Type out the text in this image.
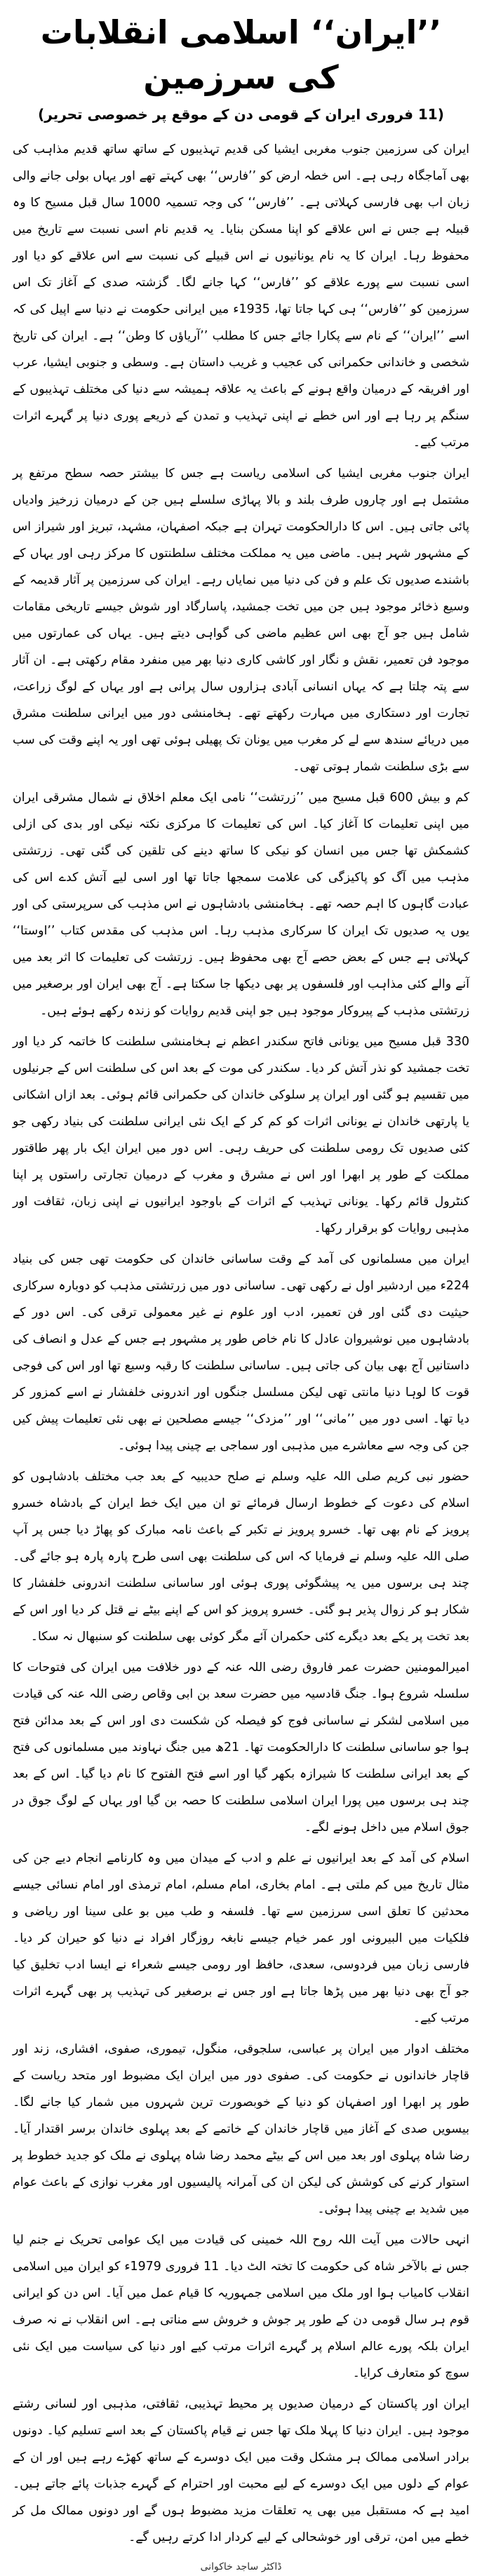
’’ایران‘‘ اسلامی انقلابات کی سرزمین
(11 فروری ایران کے قومی دن کے موقع پر خصوصی تحریر)

ایران کی سرزمین جنوب مغربی ایشیا کی قدیم تہذیبوں کے ساتھ ساتھ قدیم مذاہب کی بھی آماجگاہ رہی ہے۔ اس خطہ ارض کو ’’فارس‘‘ بھی کہتے تھے اور یہاں بولی جانے والی زبان اب بھی فارسی کہلاتی ہے۔ ’’فارس‘‘ کی وجہ تسمیہ 1000 سال قبل مسیح کا وہ قبیلہ ہے جس نے اس علاقے کو اپنا مسکن بنایا۔ یہ قدیم نام اسی نسبت سے تاریخ میں محفوظ رہا۔ ایران کا یہ نام یونانیوں نے اس قبیلے کی نسبت سے اس علاقے کو دیا اور اسی نسبت سے پورے علاقے کو ’’فارس‘‘ کہا جانے لگا۔ گزشتہ صدی کے آغاز تک اس سرزمین کو ’’فارس‘‘ ہی کہا جاتا تھا، 1935ء میں ایرانی حکومت نے دنیا سے اپیل کی کہ اسے ’’ایران‘‘ کے نام سے پکارا جائے جس کا مطلب ’’آریاؤں کا وطن‘‘ ہے۔ ایران کی تاریخ شخصی و خاندانی حکمرانی کی عجیب و غریب داستان ہے۔ وسطی و جنوبی ایشیا، عرب اور افریقہ کے درمیان واقع ہونے کے باعث یہ علاقہ ہمیشہ سے دنیا کی مختلف تہذیبوں کے سنگم پر رہا ہے اور اس خطے نے اپنی تہذیب و تمدن کے ذریعے پوری دنیا پر گہرے اثرات مرتب کیے۔

ایران جنوب مغربی ایشیا کی اسلامی ریاست ہے جس کا بیشتر حصہ سطح مرتفع پر مشتمل ہے اور چاروں طرف بلند و بالا پہاڑی سلسلے ہیں جن کے درمیان زرخیز وادیاں پائی جاتی ہیں۔ اس کا دارالحکومت تہران ہے جبکہ اصفہان، مشہد، تبریز اور شیراز اس کے مشہور شہر ہیں۔ ماضی میں یہ مملکت مختلف سلطنتوں کا مرکز رہی اور یہاں کے باشندے صدیوں تک علم و فن کی دنیا میں نمایاں رہے۔ ایران کی سرزمین پر آثار قدیمہ کے وسیع ذخائر موجود ہیں جن میں تخت جمشید، پاسارگاد اور شوش جیسے تاریخی مقامات شامل ہیں جو آج بھی اس عظیم ماضی کی گواہی دیتے ہیں۔ یہاں کی عمارتوں میں موجود فن تعمیر، نقش و نگار اور کاشی کاری دنیا بھر میں منفرد مقام رکھتی ہے۔ ان آثار سے پتہ چلتا ہے کہ یہاں انسانی آبادی ہزاروں سال پرانی ہے اور یہاں کے لوگ زراعت، تجارت اور دستکاری میں مہارت رکھتے تھے۔ ہخامنشی دور میں ایرانی سلطنت مشرق میں دریائے سندھ سے لے کر مغرب میں یونان تک پھیلی ہوئی تھی اور یہ اپنے وقت کی سب سے بڑی سلطنت شمار ہوتی تھی۔

کم و بیش 600 قبل مسیح میں ’’زرتشت‘‘ نامی ایک معلم اخلاق نے شمال مشرقی ایران میں اپنی تعلیمات کا آغاز کیا۔ اس کی تعلیمات کا مرکزی نکتہ نیکی اور بدی کی ازلی کشمکش تھا جس میں انسان کو نیکی کا ساتھ دینے کی تلقین کی گئی تھی۔ زرتشتی مذہب میں آگ کو پاکیزگی کی علامت سمجھا جاتا تھا اور اسی لیے آتش کدے اس کی عبادت گاہوں کا اہم حصہ تھے۔ ہخامنشی بادشاہوں نے اس مذہب کی سرپرستی کی اور یوں یہ صدیوں تک ایران کا سرکاری مذہب رہا۔ اس مذہب کی مقدس کتاب ’’اوستا‘‘ کہلاتی ہے جس کے بعض حصے آج بھی محفوظ ہیں۔ زرتشت کی تعلیمات کا اثر بعد میں آنے والے کئی مذاہب اور فلسفوں پر بھی دیکھا جا سکتا ہے۔ آج بھی ایران اور برصغیر میں زرتشتی مذہب کے پیروکار موجود ہیں جو اپنی قدیم روایات کو زندہ رکھے ہوئے ہیں۔

330 قبل مسیح میں یونانی فاتح سکندر اعظم نے ہخامنشی سلطنت کا خاتمہ کر دیا اور تخت جمشید کو نذر آتش کر دیا۔ سکندر کی موت کے بعد اس کی سلطنت اس کے جرنیلوں میں تقسیم ہو گئی اور ایران پر سلوکی خاندان کی حکمرانی قائم ہوئی۔ بعد ازاں اشکانی یا پارتھی خاندان نے یونانی اثرات کو کم کر کے ایک نئی ایرانی سلطنت کی بنیاد رکھی جو کئی صدیوں تک رومی سلطنت کی حریف رہی۔ اس دور میں ایران ایک بار پھر طاقتور مملکت کے طور پر ابھرا اور اس نے مشرق و مغرب کے درمیان تجارتی راستوں پر اپنا کنٹرول قائم رکھا۔ یونانی تہذیب کے اثرات کے باوجود ایرانیوں نے اپنی زبان، ثقافت اور مذہبی روایات کو برقرار رکھا۔

ایران میں مسلمانوں کی آمد کے وقت ساسانی خاندان کی حکومت تھی جس کی بنیاد 224ء میں اردشیر اول نے رکھی تھی۔ ساسانی دور میں زرتشتی مذہب کو دوبارہ سرکاری حیثیت دی گئی اور فن تعمیر، ادب اور علوم نے غیر معمولی ترقی کی۔ اس دور کے بادشاہوں میں نوشیروان عادل کا نام خاص طور پر مشہور ہے جس کے عدل و انصاف کی داستانیں آج بھی بیان کی جاتی ہیں۔ ساسانی سلطنت کا رقبہ وسیع تھا اور اس کی فوجی قوت کا لوہا دنیا مانتی تھی لیکن مسلسل جنگوں اور اندرونی خلفشار نے اسے کمزور کر دیا تھا۔ اسی دور میں ’’مانی‘‘ اور ’’مزدک‘‘ جیسے مصلحین نے بھی نئی تعلیمات پیش کیں جن کی وجہ سے معاشرے میں مذہبی اور سماجی بے چینی پیدا ہوئی۔

حضور نبی کریم صلی اللہ علیہ وسلم نے صلح حدیبیہ کے بعد جب مختلف بادشاہوں کو اسلام کی دعوت کے خطوط ارسال فرمائے تو ان میں ایک خط ایران کے بادشاہ خسرو پرویز کے نام بھی تھا۔ خسرو پرویز نے تکبر کے باعث نامہ مبارک کو پھاڑ دیا جس پر آپ صلی اللہ علیہ وسلم نے فرمایا کہ اس کی سلطنت بھی اسی طرح پارہ پارہ ہو جائے گی۔ چند ہی برسوں میں یہ پیشگوئی پوری ہوئی اور ساسانی سلطنت اندرونی خلفشار کا شکار ہو کر زوال پذیر ہو گئی۔ خسرو پرویز کو اس کے اپنے بیٹے نے قتل کر دیا اور اس کے بعد تخت پر یکے بعد دیگرے کئی حکمران آئے مگر کوئی بھی سلطنت کو سنبھال نہ سکا۔

امیرالمومنین حضرت عمر فاروق رضی اللہ عنہ کے دور خلافت میں ایران کی فتوحات کا سلسلہ شروع ہوا۔ جنگ قادسیہ میں حضرت سعد بن ابی وقاص رضی اللہ عنہ کی قیادت میں اسلامی لشکر نے ساسانی فوج کو فیصلہ کن شکست دی اور اس کے بعد مدائن فتح ہوا جو ساسانی سلطنت کا دارالحکومت تھا۔ 21ھ میں جنگ نہاوند میں مسلمانوں کی فتح کے بعد ایرانی سلطنت کا شیرازہ بکھر گیا اور اسے فتح الفتوح کا نام دیا گیا۔ اس کے بعد چند ہی برسوں میں پورا ایران اسلامی سلطنت کا حصہ بن گیا اور یہاں کے لوگ جوق در جوق اسلام میں داخل ہونے لگے۔

اسلام کی آمد کے بعد ایرانیوں نے علم و ادب کے میدان میں وہ کارنامے انجام دیے جن کی مثال تاریخ میں کم ملتی ہے۔ امام بخاری، امام مسلم، امام ترمذی اور امام نسائی جیسے محدثین کا تعلق اسی سرزمین سے تھا۔ فلسفہ و طب میں بو علی سینا اور ریاضی و فلکیات میں البیرونی اور عمر خیام جیسے نابغہ روزگار افراد نے دنیا کو حیران کر دیا۔ فارسی زبان میں فردوسی، سعدی، حافظ اور رومی جیسے شعراء نے ایسا ادب تخلیق کیا جو آج بھی دنیا بھر میں پڑھا جاتا ہے اور جس نے برصغیر کی تہذیب پر بھی گہرے اثرات مرتب کیے۔

مختلف ادوار میں ایران پر عباسی، سلجوقی، منگول، تیموری، صفوی، افشاری، زند اور قاچار خاندانوں نے حکومت کی۔ صفوی دور میں ایران ایک مضبوط اور متحد ریاست کے طور پر ابھرا اور اصفہان کو دنیا کے خوبصورت ترین شہروں میں شمار کیا جانے لگا۔ بیسویں صدی کے آغاز میں قاچار خاندان کے خاتمے کے بعد پہلوی خاندان برسر اقتدار آیا۔ رضا شاہ پہلوی اور بعد میں اس کے بیٹے محمد رضا شاہ پہلوی نے ملک کو جدید خطوط پر استوار کرنے کی کوشش کی لیکن ان کی آمرانہ پالیسیوں اور مغرب نوازی کے باعث عوام میں شدید بے چینی پیدا ہوئی۔

انہی حالات میں آیت اللہ روح اللہ خمینی کی قیادت میں ایک عوامی تحریک نے جنم لیا جس نے بالآخر شاہ کی حکومت کا تختہ الٹ دیا۔ 11 فروری 1979ء کو ایران میں اسلامی انقلاب کامیاب ہوا اور ملک میں اسلامی جمہوریہ کا قیام عمل میں آیا۔ اس دن کو ایرانی قوم ہر سال قومی دن کے طور پر جوش و خروش سے مناتی ہے۔ اس انقلاب نے نہ صرف ایران بلکہ پورے عالم اسلام پر گہرے اثرات مرتب کیے اور دنیا کی سیاست میں ایک نئی سوچ کو متعارف کرایا۔

ایران اور پاکستان کے درمیان صدیوں پر محیط تہذیبی، ثقافتی، مذہبی اور لسانی رشتے موجود ہیں۔ ایران دنیا کا پہلا ملک تھا جس نے قیام پاکستان کے بعد اسے تسلیم کیا۔ دونوں برادر اسلامی ممالک ہر مشکل وقت میں ایک دوسرے کے ساتھ کھڑے رہے ہیں اور ان کے عوام کے دلوں میں ایک دوسرے کے لیے محبت اور احترام کے گہرے جذبات پائے جاتے ہیں۔ امید ہے کہ مستقبل میں بھی یہ تعلقات مزید مضبوط ہوں گے اور دونوں ممالک مل کر خطے میں امن، ترقی اور خوشحالی کے لیے کردار ادا کرتے رہیں گے۔

ڈاکٹر ساجد خاکوانی
